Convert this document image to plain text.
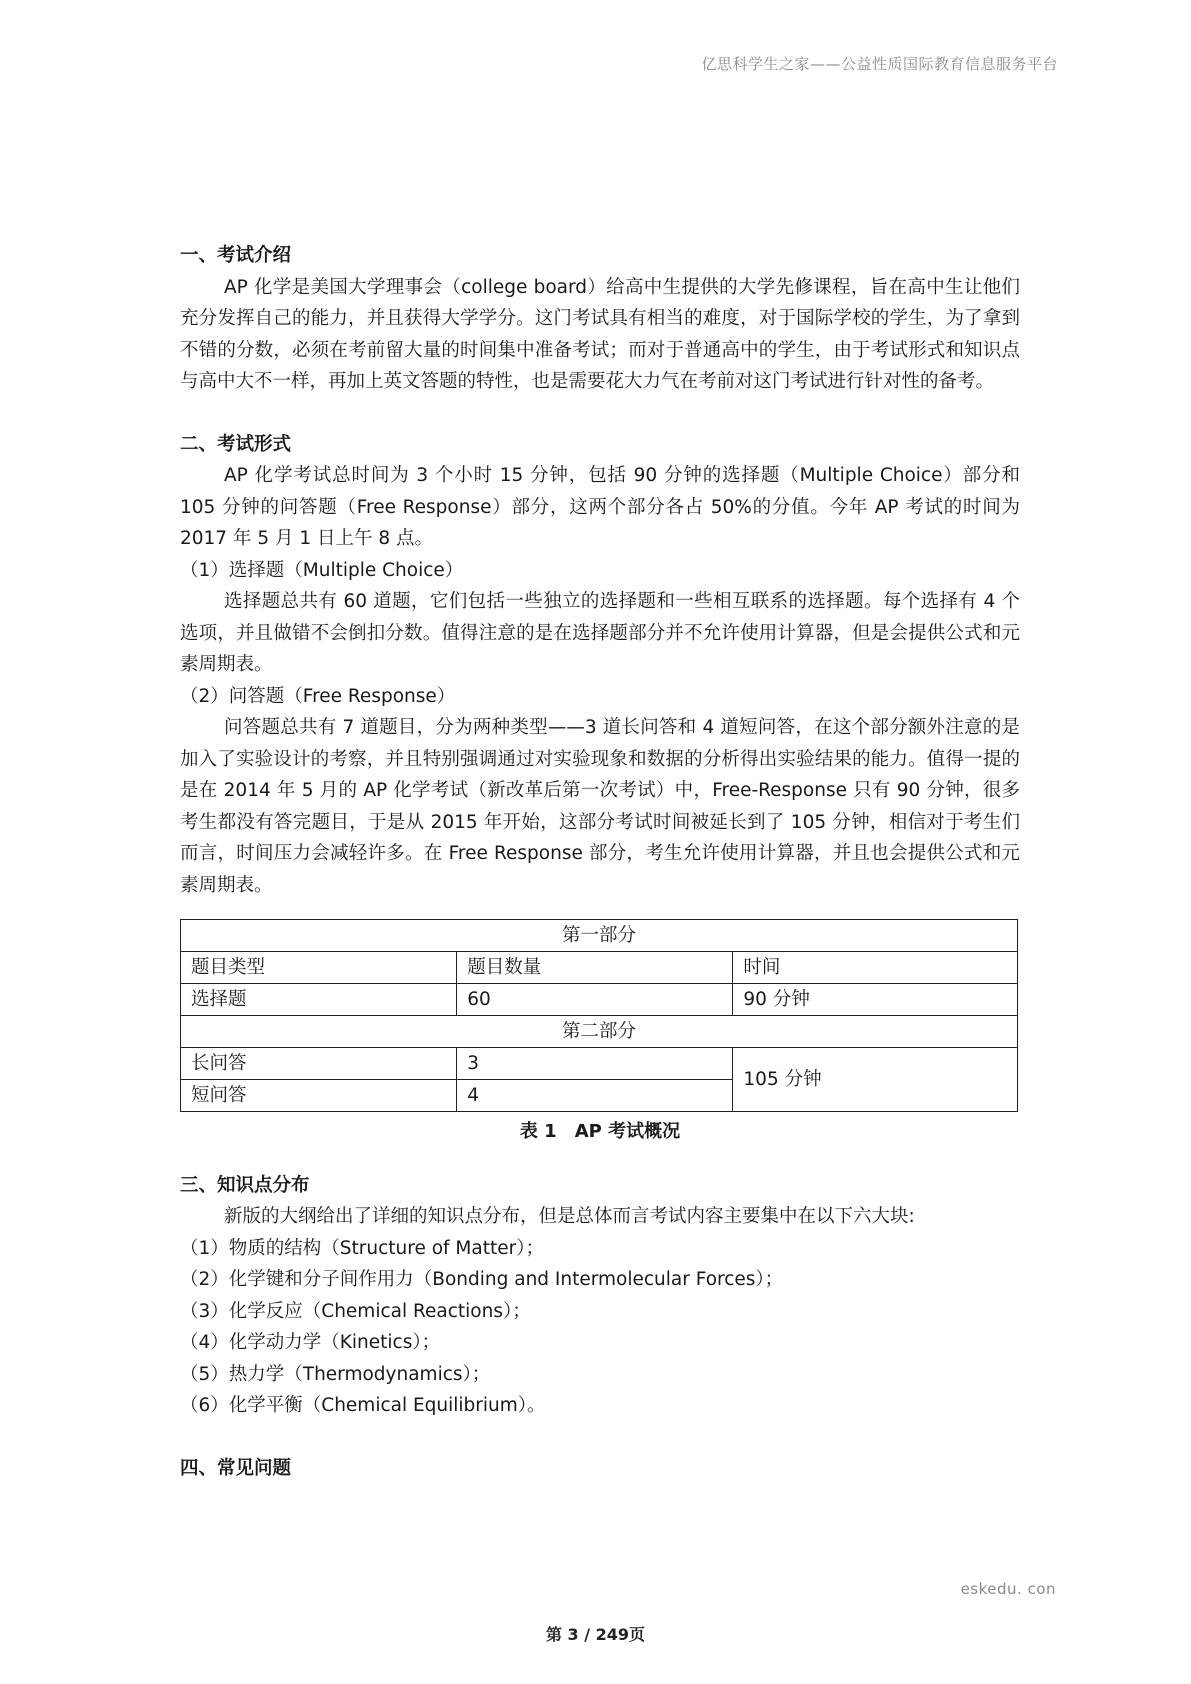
亿思科学生之家——公益性质国际教育信息服务平台

一、考试介绍

AP 化学是美国大学理事会（college board）给高中生提供的大学先修课程，旨在高中生让他们充分发挥自己的能力，并且获得大学学分。这门考试具有相当的难度，对于国际学校的学生，为了拿到不错的分数，必须在考前留大量的时间集中准备考试；而对于普通高中的学生，由于考试形式和知识点与高中大不一样，再加上英文答题的特性，也是需要花大力气在考前对这门考试进行针对性的备考。

二、考试形式

AP 化学考试总时间为 3 个小时 15 分钟，包括 90 分钟的选择题（Multiple Choice）部分和 105 分钟的问答题（Free Response）部分，这两个部分各占 50%的分值。今年 AP 考试的时间为 2017 年 5 月 1 日上午 8 点。

（1）选择题（Multiple Choice）

选择题总共有 60 道题，它们包括一些独立的选择题和一些相互联系的选择题。每个选择有 4 个选项，并且做错不会倒扣分数。值得注意的是在选择题部分并不允许使用计算器，但是会提供公式和元素周期表。

（2）问答题（Free Response）

问答题总共有 7 道题目，分为两种类型——3 道长问答和 4 道短问答，在这个部分额外注意的是加入了实验设计的考察，并且特别强调通过对实验现象和数据的分析得出实验结果的能力。值得一提的是在 2014 年 5 月的 AP 化学考试（新改革后第一次考试）中，Free-Response 只有 90 分钟，很多考生都没有答完题目，于是从 2015 年开始，这部分考试时间被延长到了 105 分钟，相信对于考生们而言，时间压力会减轻许多。在 Free Response 部分，考生允许使用计算器，并且也会提供公式和元素周期表。

第一部分		
题目类型	题目数量	时间
选择题	60	90 分钟
第二部分		
长问答	3	105 分钟
短问答	4	
表 1　AP 考试概况

三、知识点分布

新版的大纲给出了详细的知识点分布，但是总体而言考试内容主要集中在以下六大块:

（1）物质的结构（Structure of Matter）；

（2）化学键和分子间作用力（Bonding and Intermolecular Forces）；

（3）化学反应（Chemical Reactions）；

（4）化学动力学（Kinetics）；

（5）热力学（Thermodynamics）；

（6）化学平衡（Chemical Equilibrium）。

四、常见问题

eskedu. con
第 3 / 249页
